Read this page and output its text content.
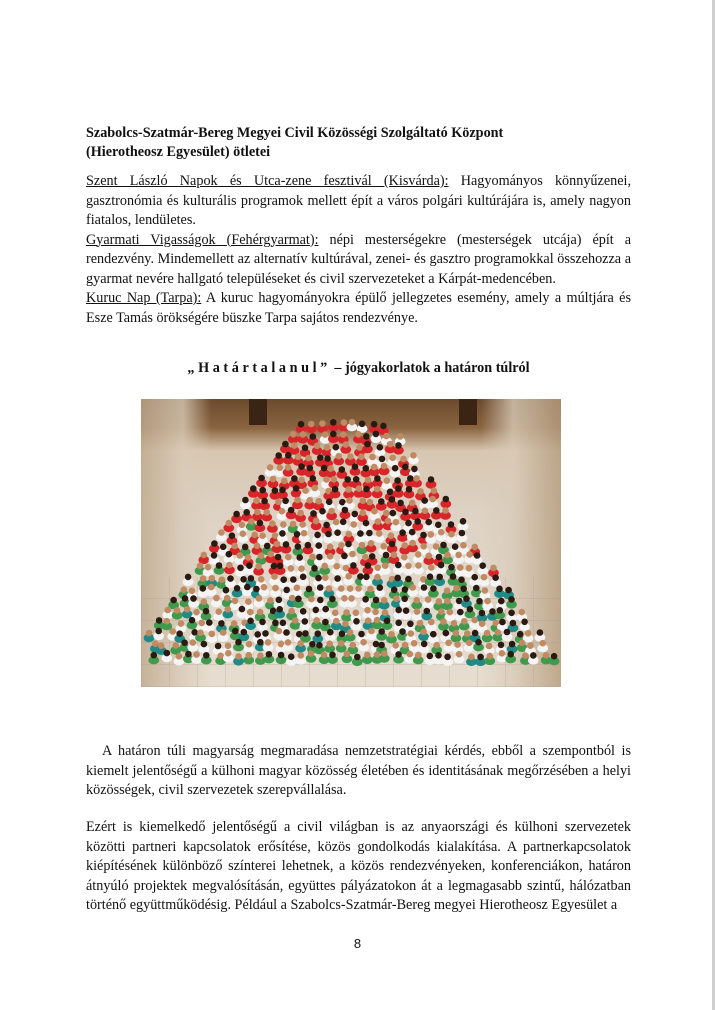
Szabolcs-Szatmár-Bereg Megyei Civil Közösségi Szolgáltató Központ
(Hierotheosz Egyesület) ötletei

Szent László Napok és Utca-zene fesztivál (Kisvárda): Hagyományos könnyűzenei, gasztronómia és kulturális programok mellett épít a város polgári kultúrájára is, amely nagyon fiatalos, lendületes.

Gyarmati Vigasságok (Fehérgyarmat): népi mesterségekre (mesterségek utcája) épít a rendezvény. Mindemellett az alternatív kultúrával, zenei- és gasztro programokkal összehozza a gyarmat nevére hallgató településeket és civil szervezeteket a Kárpát-medencében.

Kuruc Nap (Tarpa): A kuruc hagyományokra épülő jellegzetes esemény, amely a múltjára és Esze Tamás örökségére büszke Tarpa sajátos rendezvénye.

„Határtalanul” – jógyakorlatok a határon túlról

A határon túli magyarság megmaradása nemzetstratégiai kérdés, ebből a szempontból is kiemelt jelentőségű a külhoni magyar közösség életében és identitásának megőrzésében a helyi közösségek, civil szervezetek szerepvállalása.

Ezért is kiemelkedő jelentőségű a civil világban is az anyaországi és külhoni szervezetek közötti partneri kapcsolatok erősítése, közös gondolkodás kialakítása. A partnerkapcsolatok kiépítésének különböző színterei lehetnek, a közös rendezvényeken, konferenciákon, határon átnyúló projektek megvalósításán, együttes pályázatokon át a legmagasabb szintű, hálózatban történő együttműködésig. Például a Szabolcs-Szatmár-Bereg megyei Hierotheosz Egyesület a

8
